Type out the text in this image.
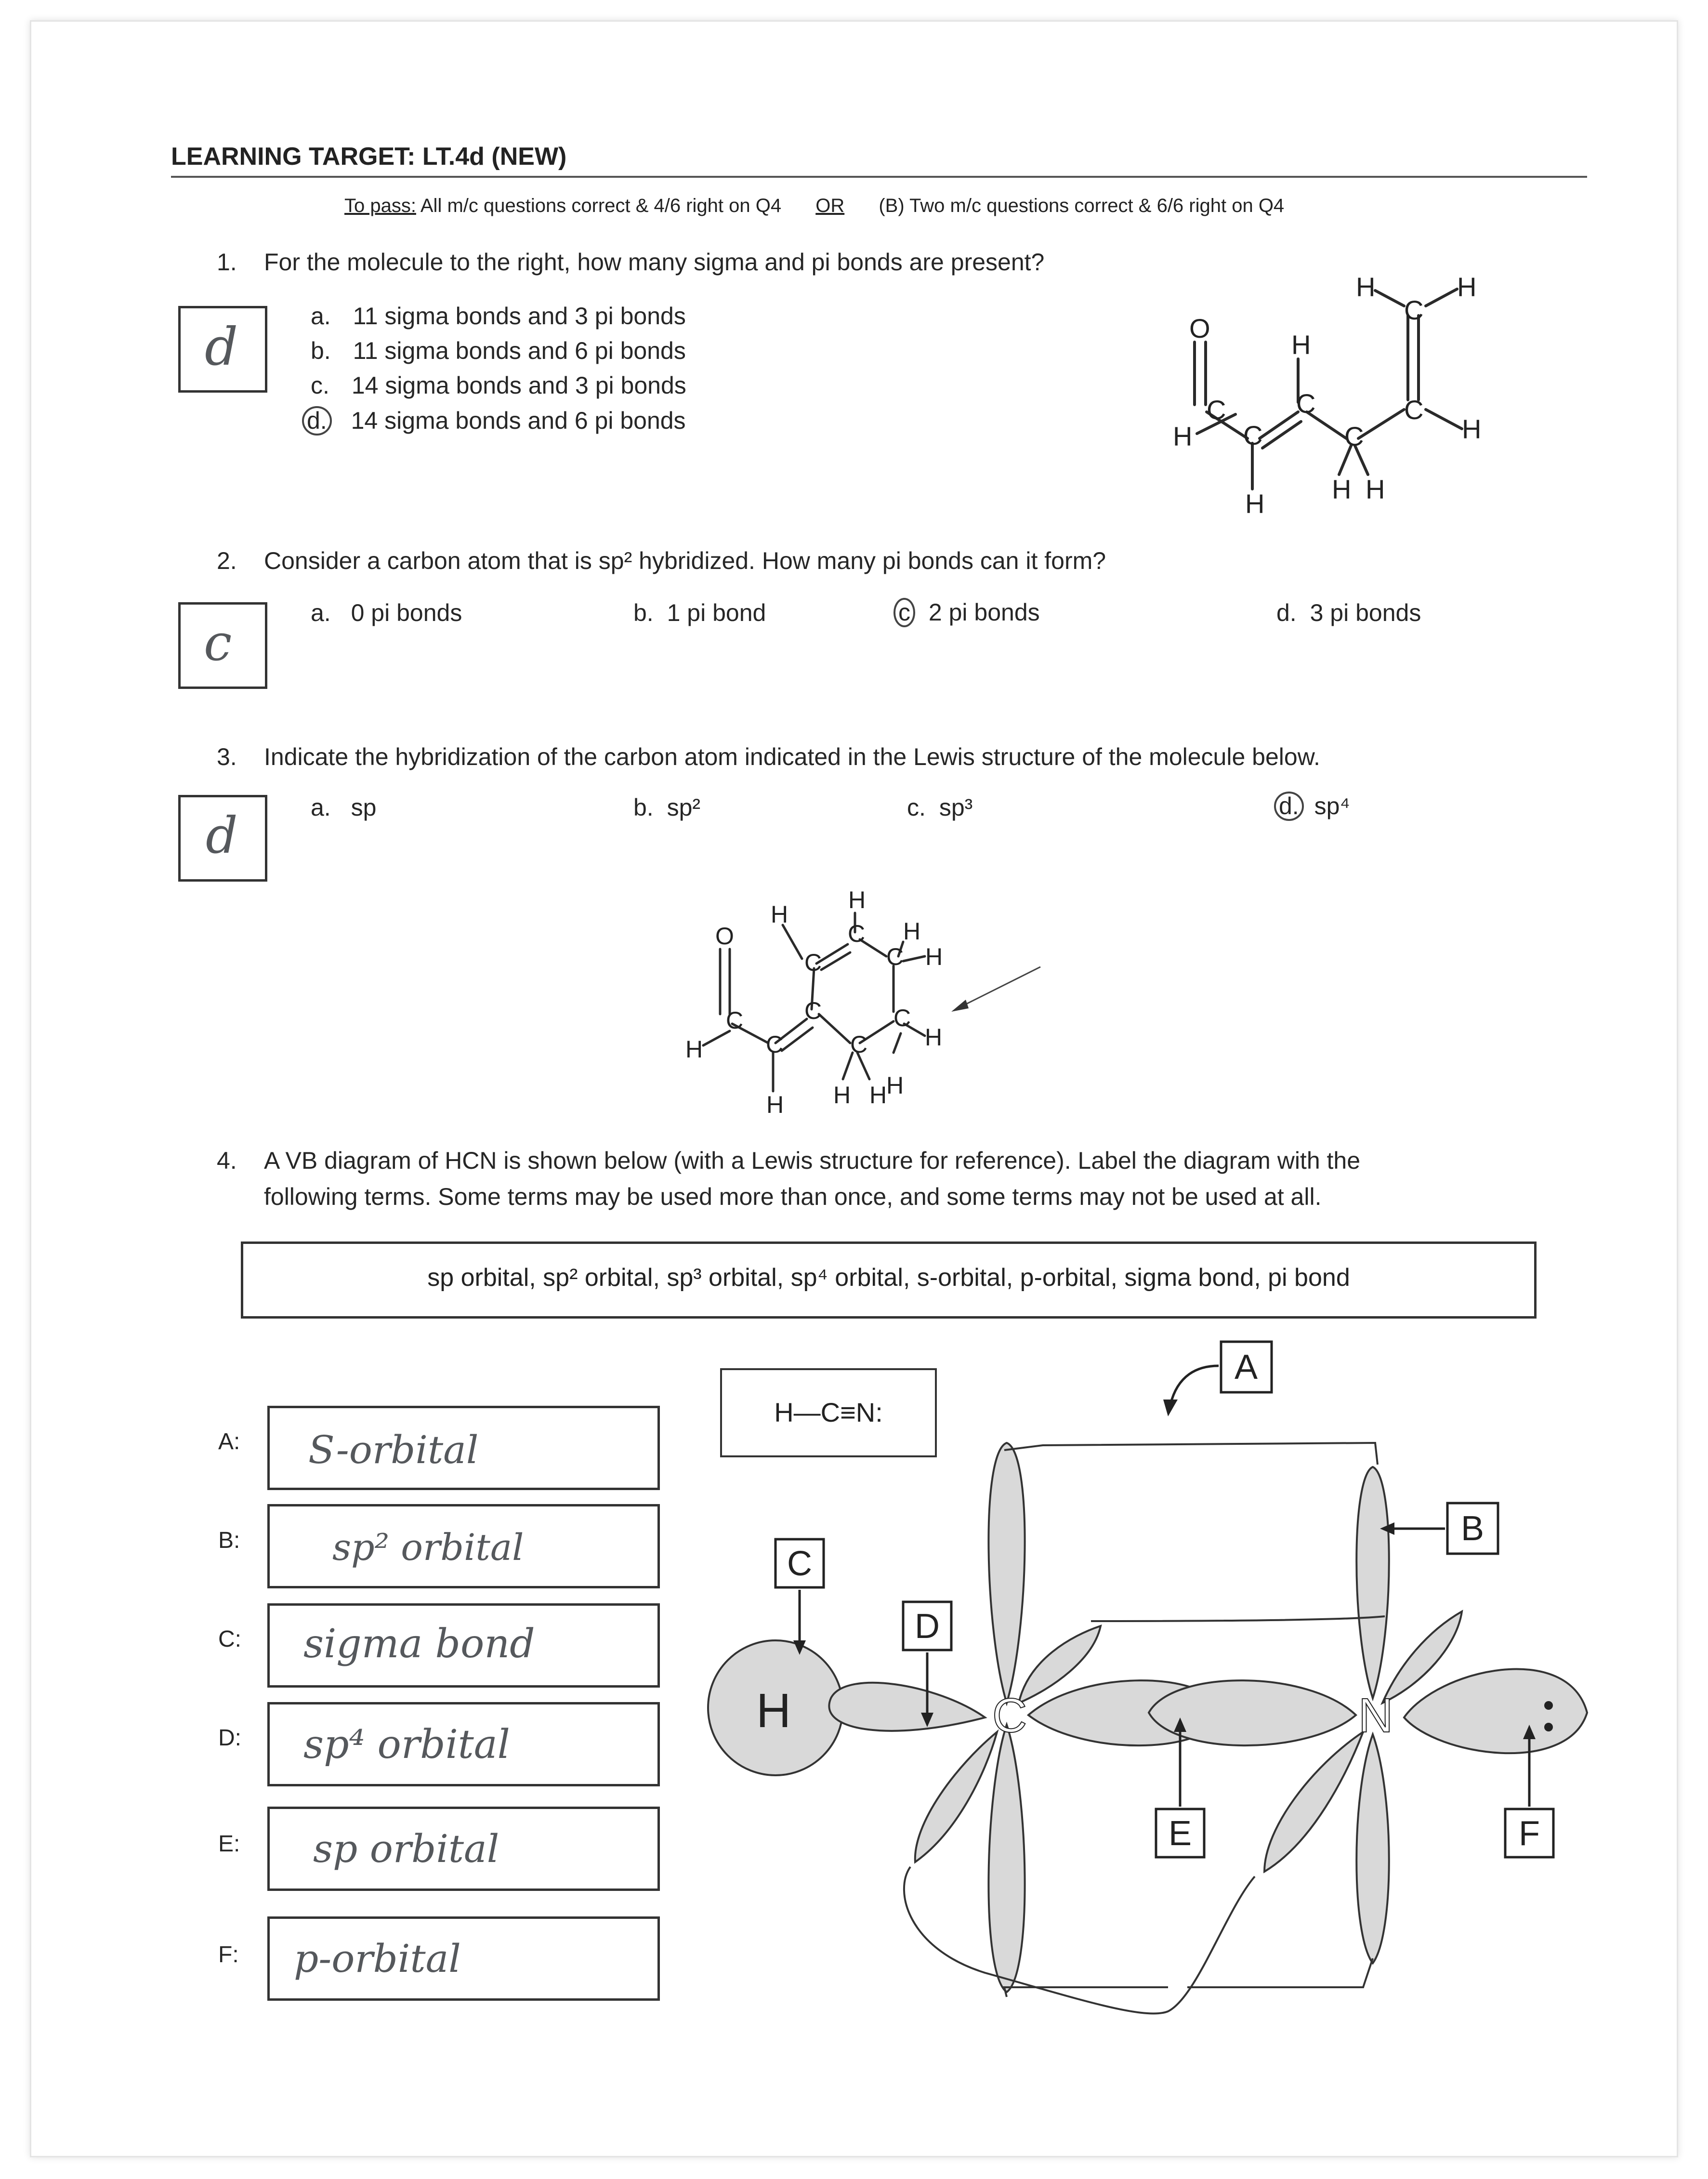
LEARNING TARGET: LT.4d (NEW)
To pass: All m/c questions correct & 4/6 right on Q4 OR (B) Two m/c questions correct & 6/6 right on Q4
1. For the molecule to the right, how many sigma and pi bonds are present?
d
a. 11 sigma bonds and 3 pi bonds
b. 11 sigma bonds and 6 pi bonds
c. 14 sigma bonds and 3 pi bonds
d. 14 sigma bonds and 6 pi bonds
O
H
C
C
H
C
H
C
H H
C
C
H	H
H
2. Consider a carbon atom that is sp² hybridized. How many pi bonds can it form?
c
a. 0 pi bonds	b. 1 pi bond	c 2 pi bonds	d. 3 pi bonds
3. Indicate the hybridization of the carbon atom indicated in the Lewis structure of the molecule below.
d	a. sp	b. sp²	c. sp³	d. sp⁴
O
H
C
C
H
C
C
H
C
H
C
H
H
C
H H
C
H
H
4. A VB diagram of HCN is shown below (with a Lewis structure for reference). Label the diagram with the
following terms. Some terms may be used more than once, and some terms may not be used at all.
sp orbital, sp² orbital, sp³ orbital, sp⁴ orbital, s-orbital, p-orbital, sigma bond, pi bond
A: S-orbital
B:	sp² orbital
C: sigma bond
D: sp⁴ orbital
E: sp orbital
F: p-orbital
H—C≡N:
H	C	N
A
B
C
D
E	F
